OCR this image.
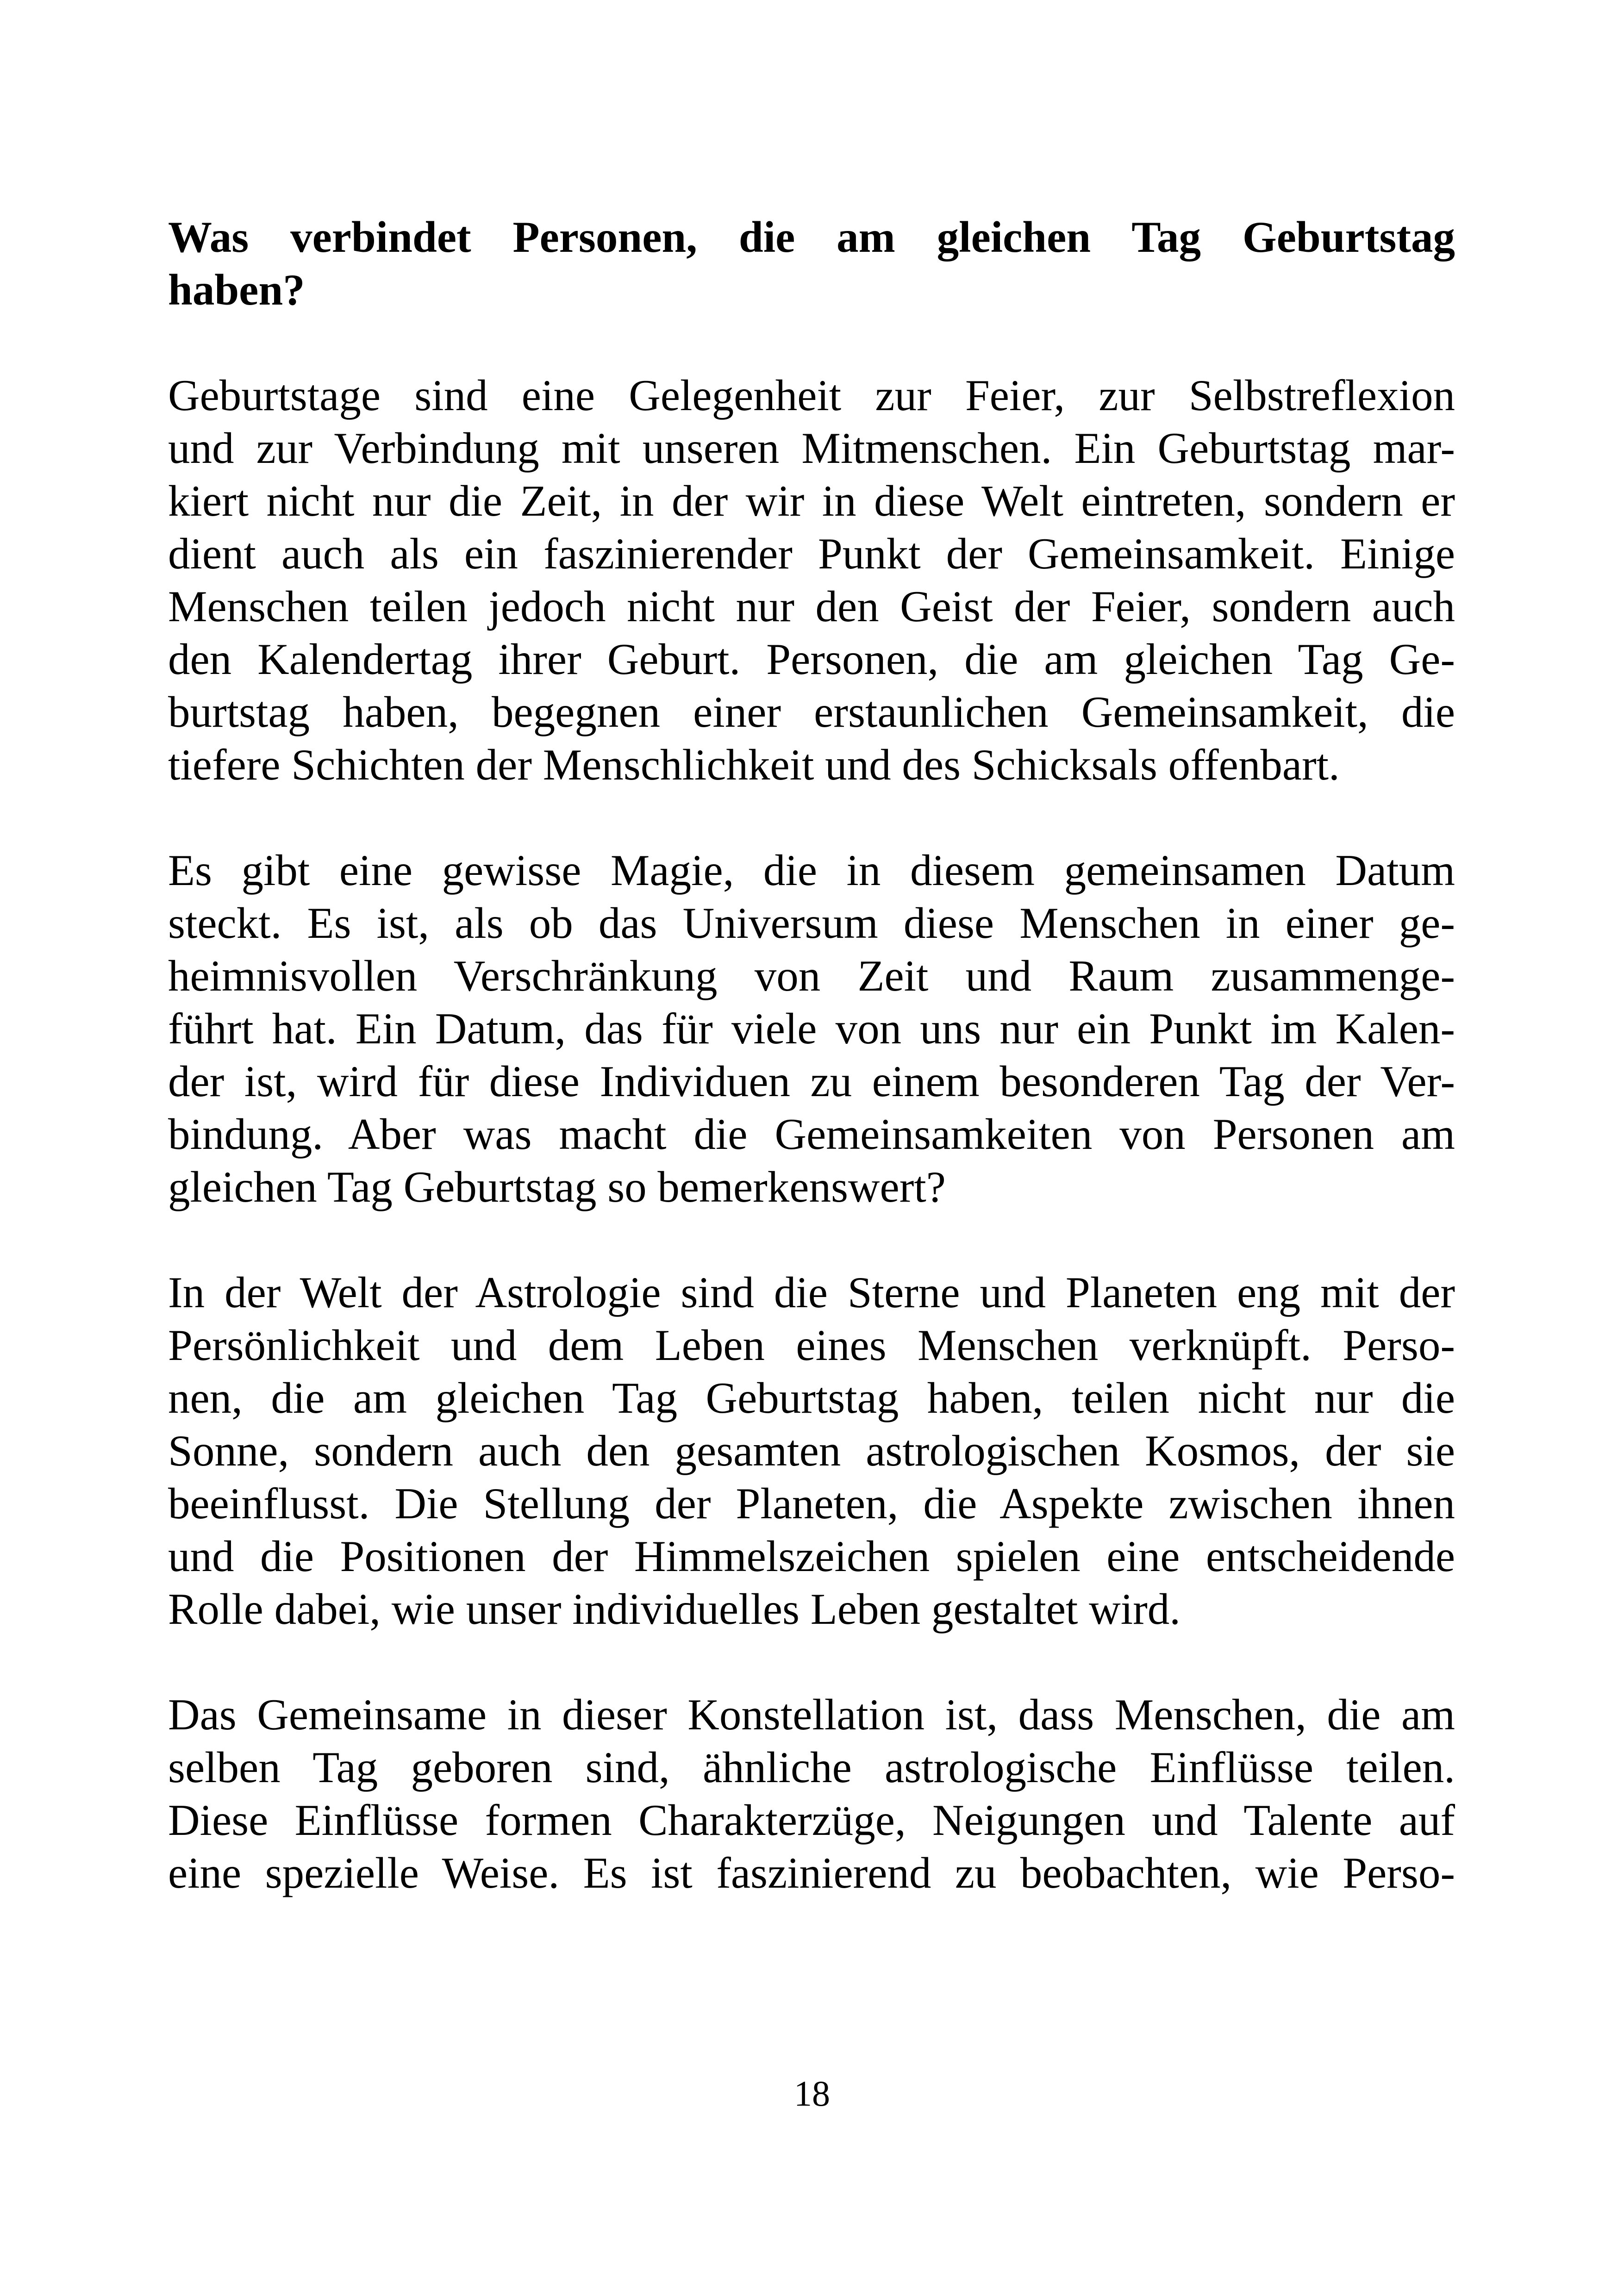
Was verbindet Personen, die am gleichen Tag Geburtstag
haben?

Geburtstage sind eine Gelegenheit zur Feier, zur Selbstreflexion
und zur Verbindung mit unseren Mitmenschen. Ein Geburtstag mar-
kiert nicht nur die Zeit, in der wir in diese Welt eintreten, sondern er
dient auch als ein faszinierender Punkt der Gemeinsamkeit. Einige
Menschen teilen jedoch nicht nur den Geist der Feier, sondern auch
den Kalendertag ihrer Geburt. Personen, die am gleichen Tag Ge-
burtstag haben, begegnen einer erstaunlichen Gemeinsamkeit, die
tiefere Schichten der Menschlichkeit und des Schicksals offenbart.

Es gibt eine gewisse Magie, die in diesem gemeinsamen Datum
steckt. Es ist, als ob das Universum diese Menschen in einer ge-
heimnisvollen Verschränkung von Zeit und Raum zusammenge-
führt hat. Ein Datum, das für viele von uns nur ein Punkt im Kalen-
der ist, wird für diese Individuen zu einem besonderen Tag der Ver-
bindung. Aber was macht die Gemeinsamkeiten von Personen am
gleichen Tag Geburtstag so bemerkenswert?

In der Welt der Astrologie sind die Sterne und Planeten eng mit der
Persönlichkeit und dem Leben eines Menschen verknüpft. Perso-
nen, die am gleichen Tag Geburtstag haben, teilen nicht nur die
Sonne, sondern auch den gesamten astrologischen Kosmos, der sie
beeinflusst. Die Stellung der Planeten, die Aspekte zwischen ihnen
und die Positionen der Himmelszeichen spielen eine entscheidende
Rolle dabei, wie unser individuelles Leben gestaltet wird.

Das Gemeinsame in dieser Konstellation ist, dass Menschen, die am
selben Tag geboren sind, ähnliche astrologische Einflüsse teilen.
Diese Einflüsse formen Charakterzüge, Neigungen und Talente auf
eine spezielle Weise. Es ist faszinierend zu beobachten, wie Perso-

18
